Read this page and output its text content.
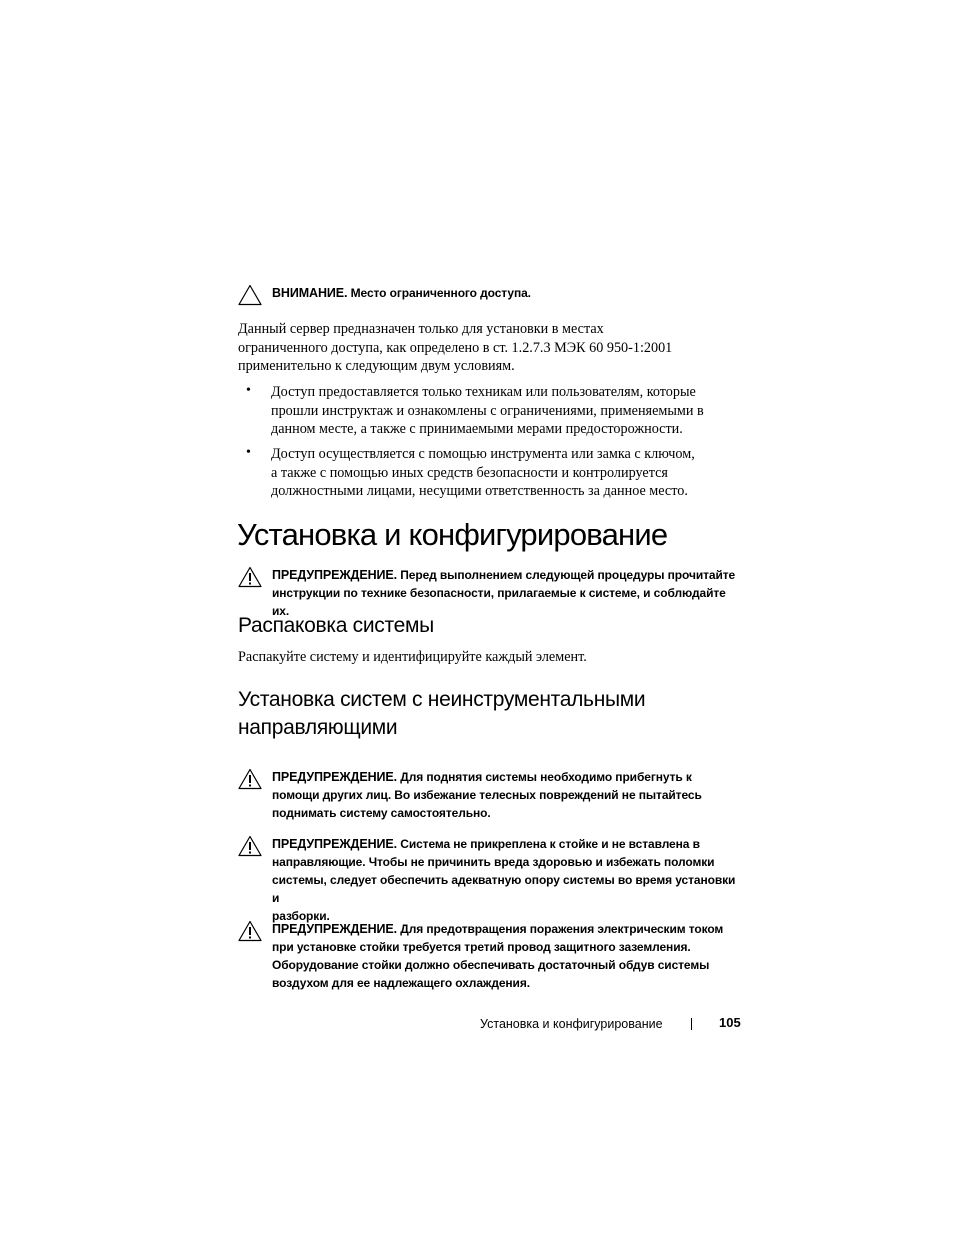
ВНИМАНИЕ. Место ограниченного доступа.
Данный сервер предназначен только для установки в местах
ограниченного доступа, как определено в ст. 1.2.7.3 МЭК 60 950-1:2001
применительно к следующим двум условиям.
• Доступ предоставляется только техникам или пользователям, которые
прошли инструктаж и ознакомлены с ограничениями, применяемыми в
данном месте, а также с принимаемыми мерами предосторожности.
• Доступ осуществляется с помощью инструмента или замка с ключом,
а также с помощью иных средств безопасности и контролируется
должностными лицами, несущими ответственность за данное место.
Установка и конфигурирование
ПРЕДУПРЕЖДЕНИЕ. Перед выполнением следующей процедуры прочитайте
инструкции по технике безопасности, прилагаемые к системе, и соблюдайте их.
Распаковка системы
Распакуйте систему и идентифицируйте каждый элемент.
Установка систем с неинструментальными
направляющими
ПРЕДУПРЕЖДЕНИЕ. Для поднятия системы необходимо прибегнуть к
помощи других лиц. Во избежание телесных повреждений не пытайтесь
поднимать систему самостоятельно.
ПРЕДУПРЕЖДЕНИЕ. Система не прикреплена к стойке и не вставлена в
направляющие. Чтобы не причинить вреда здоровью и избежать поломки
системы, следует обеспечить адекватную опору системы во время установки и
разборки.
ПРЕДУПРЕЖДЕНИЕ. Для предотвращения поражения электрическим током
при установке стойки требуется третий провод защитного заземления.
Оборудование стойки должно обеспечивать достаточный обдув системы
воздухом для ее надлежащего охлаждения.
Установка и конфигурирование	105
